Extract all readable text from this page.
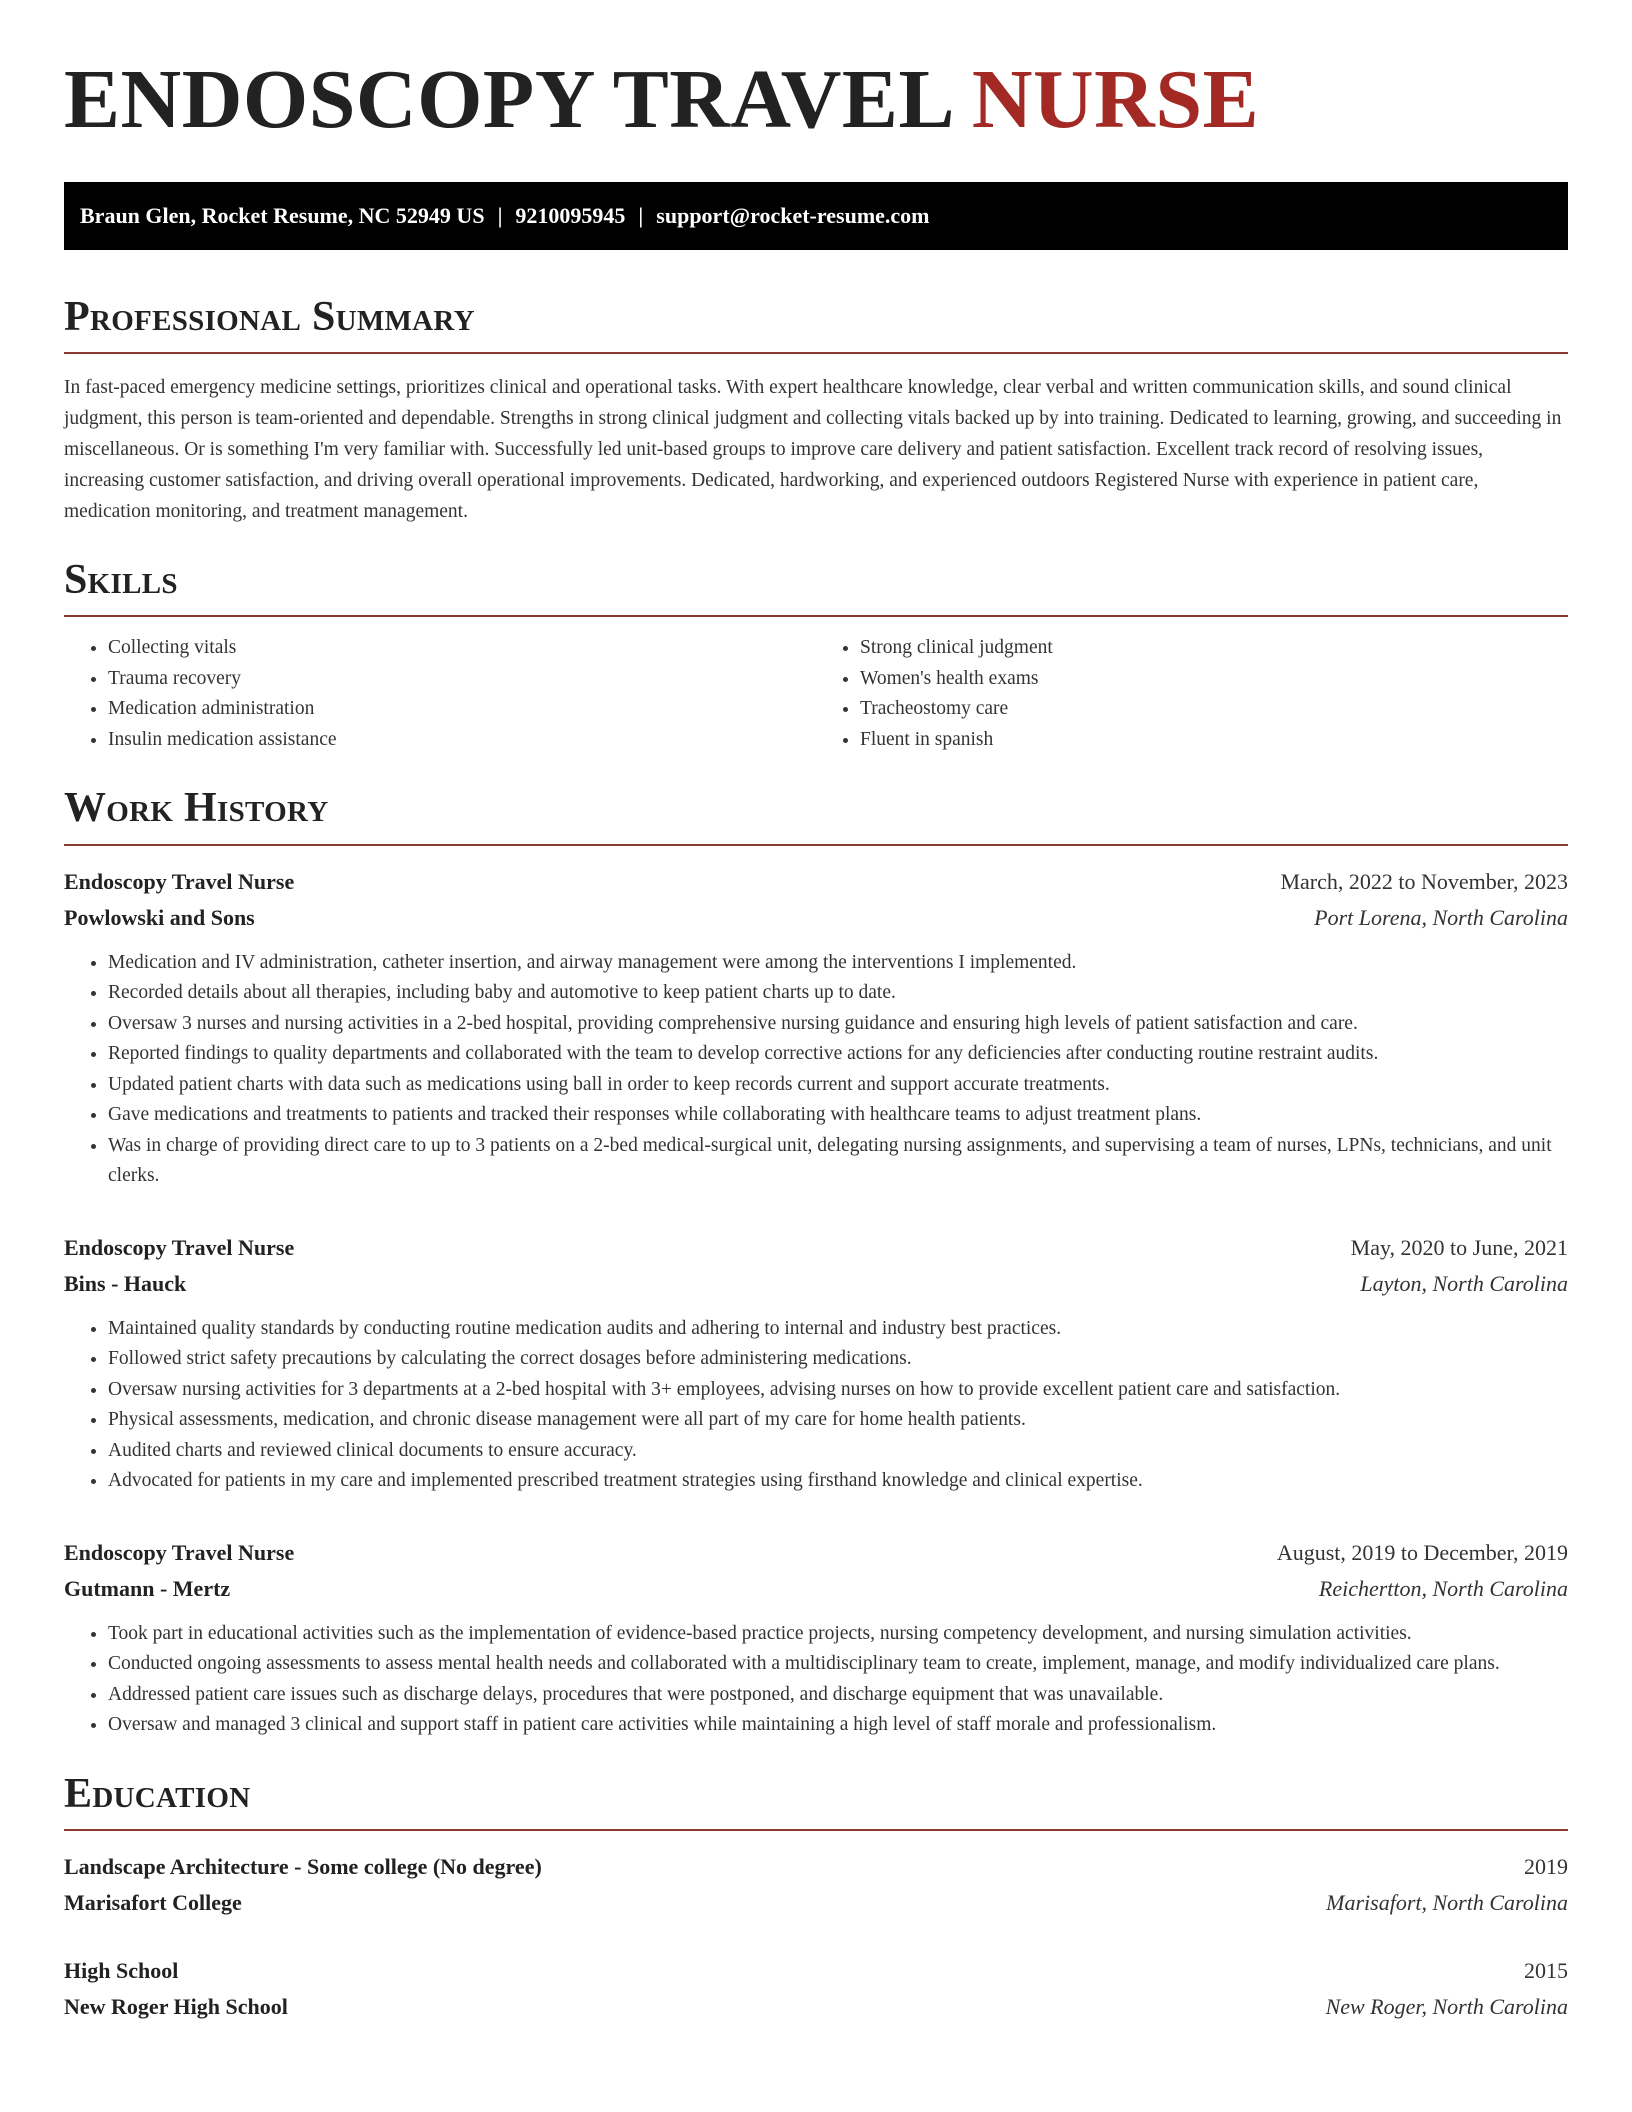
ENDOSCOPY TRAVEL NURSE
Braun Glen, Rocket Resume, NC 52949 US | 9210095945 | support@rocket-resume.com
Professional Summary

In fast-paced emergency medicine settings, prioritizes clinical and operational tasks. With expert healthcare knowledge, clear verbal and written communication skills, and sound clinical judgment, this person is team-oriented and dependable. Strengths in strong clinical judgment and collecting vitals backed up by into training. Dedicated to learning, growing, and succeeding in miscellaneous. Or is something I'm very familiar with. Successfully led unit-based groups to improve care delivery and patient satisfaction. Excellent track record of resolving issues, increasing customer satisfaction, and driving overall operational improvements. Dedicated, hardworking, and experienced outdoors Registered Nurse with experience in patient care, medication monitoring, and treatment management.

Skills
• Collecting vitals
• Trauma recovery
• Medication administration
• Insulin medication assistance
• Strong clinical judgment
• Women's health exams
• Tracheostomy care
• Fluent in spanish
Work History
Endoscopy Travel Nurse	March, 2022 to November, 2023
Powlowski and Sons	Port Lorena, North Carolina
• Medication and IV administration, catheter insertion, and airway management were among the interventions I implemented.
• Recorded details about all therapies, including baby and automotive to keep patient charts up to date.
• Oversaw 3 nurses and nursing activities in a 2-bed hospital, providing comprehensive nursing guidance and ensuring high levels of patient satisfaction and care.
• Reported findings to quality departments and collaborated with the team to develop corrective actions for any deficiencies after conducting routine restraint audits.
• Updated patient charts with data such as medications using ball in order to keep records current and support accurate treatments.
• Gave medications and treatments to patients and tracked their responses while collaborating with healthcare teams to adjust treatment plans.
• Was in charge of providing direct care to up to 3 patients on a 2-bed medical-surgical unit, delegating nursing assignments, and supervising a team of nurses, LPNs, technicians, and unit clerks.
Endoscopy Travel Nurse	May, 2020 to June, 2021
Bins - Hauck	Layton, North Carolina
• Maintained quality standards by conducting routine medication audits and adhering to internal and industry best practices.
• Followed strict safety precautions by calculating the correct dosages before administering medications.
• Oversaw nursing activities for 3 departments at a 2-bed hospital with 3+ employees, advising nurses on how to provide excellent patient care and satisfaction.
• Physical assessments, medication, and chronic disease management were all part of my care for home health patients.
• Audited charts and reviewed clinical documents to ensure accuracy.
• Advocated for patients in my care and implemented prescribed treatment strategies using firsthand knowledge and clinical expertise.
Endoscopy Travel Nurse	August, 2019 to December, 2019
Gutmann - Mertz	Reichertton, North Carolina
• Took part in educational activities such as the implementation of evidence-based practice projects, nursing competency development, and nursing simulation activities.
• Conducted ongoing assessments to assess mental health needs and collaborated with a multidisciplinary team to create, implement, manage, and modify individualized care plans.
• Addressed patient care issues such as discharge delays, procedures that were postponed, and discharge equipment that was unavailable.
• Oversaw and managed 3 clinical and support staff in patient care activities while maintaining a high level of staff morale and professionalism.
Education
Landscape Architecture - Some college (No degree)	2019
Marisafort College	Marisafort, North Carolina
High School	2015
New Roger High School	New Roger, North Carolina
